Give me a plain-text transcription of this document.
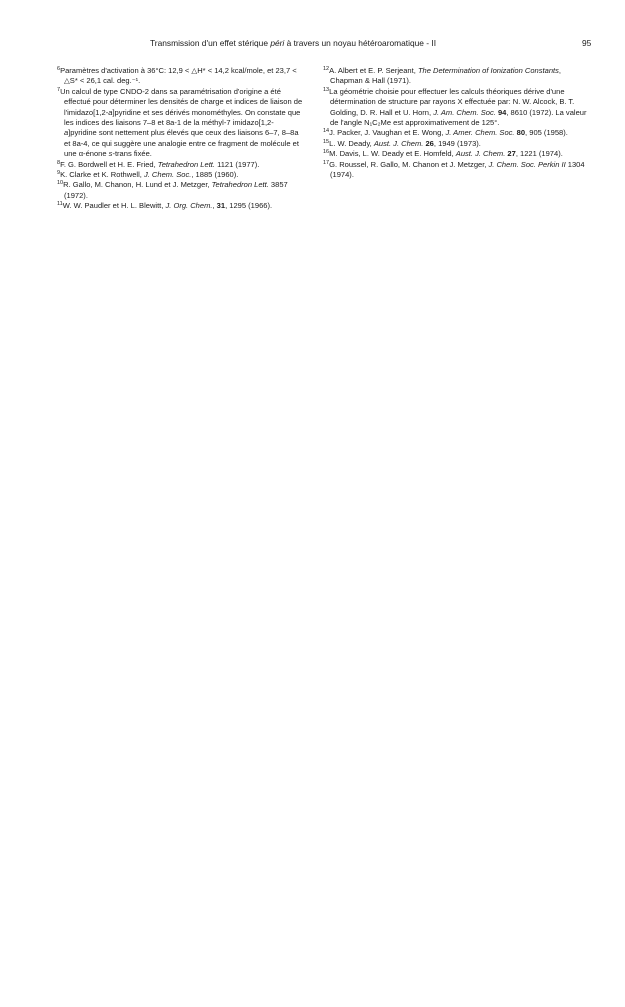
Transmission d'un effet stérique péri à travers un noyau hétéroaromatique - II	95

$^6$Paramètres d'activation à 36°C: 12,9 < △H* < 14,2 kcal/mole, et 23,7 < △S* < 26,1 cal. deg.⁻¹.

$^7$Un calcul de type CNDO-2 dans sa paramétrisation d'origine a été effectué pour déterminer les densités de charge et indices de liaison de l'imidazo[1,2-a]pyridine et ses dérivés monométhyles. On constate que les indices des liaisons 7–8 et 8a-1 de la méthyl-7 imidazo[1,2-a]pyridine sont nettement plus élevés que ceux des liaisons 6–7, 8–8a et 8a-4, ce qui suggère une analogie entre ce fragment de molécule et une α-énone s-trans fixée.

$^8$F. G. Bordwell et H. E. Fried, Tetrahedron Lett. 1121 (1977).

$^9$K. Clarke et K. Rothwell, J. Chem. Soc., 1885 (1960).

$^{10}$R. Gallo, M. Chanon, H. Lund et J. Metzger, Tetrahedron Lett. 3857 (1972).

$^{11}$W. W. Paudler et H. L. Blewitt, J. Org. Chem., 31, 1295 (1966).

$^{12}$A. Albert et E. P. Serjeant, The Determination of Ionization Constants, Chapman & Hall (1971).

$^{13}$La géométrie choisie pour effectuer les calculs théoriques dérive d'une détermination de structure par rayons X effectuée par: N. W. Alcock, B. T. Golding, D. R. Hall et U. Horn, J. Am. Chem. Soc. 94, 8610 (1972). La valeur de l'angle N₁C₂Me est approximativement de 125°.

$^{14}$J. Packer, J. Vaughan et E. Wong, J. Amer. Chem. Soc. 80, 905 (1958).

$^{15}$L. W. Deady, Aust. J. Chem. 26, 1949 (1973).

$^{16}$M. Davis, L. W. Deady et E. Homfeld, Aust. J. Chem. 27, 1221 (1974).

$^{17}$G. Roussel, R. Gallo, M. Chanon et J. Metzger, J. Chem. Soc. Perkin II 1304 (1974).
